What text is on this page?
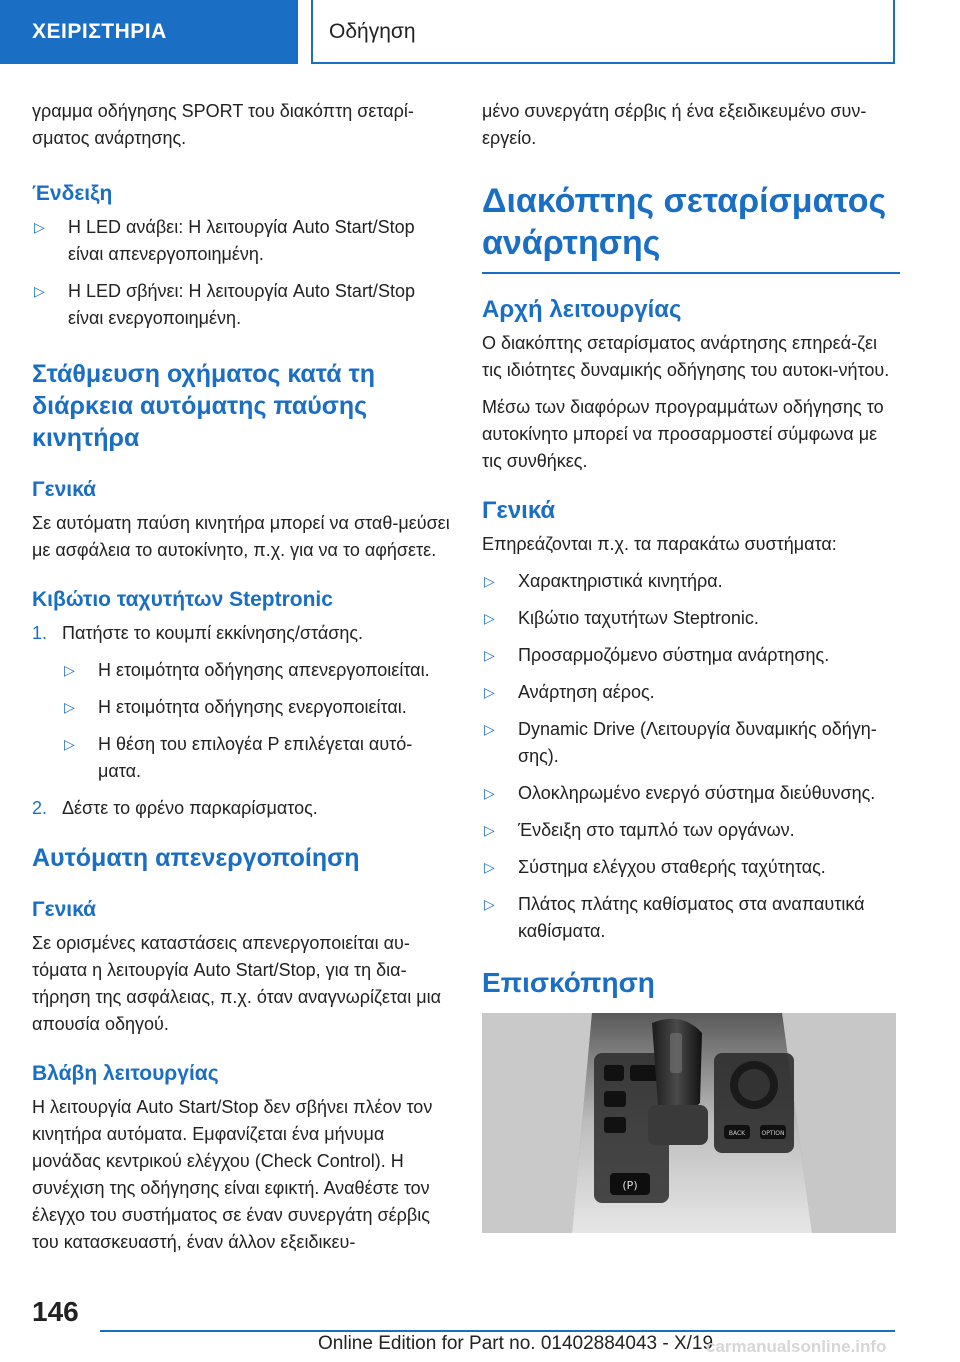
ΧΕΙΡΙΣΤΗΡΙΑ	Οδήγηση

γραμμα οδήγησης SPORT του διακόπτη σεταρί-σματος ανάρτησης.

Ένδειξη
▷ Η LED ανάβει: Η λειτουργία Auto Start/Stop είναι απενεργοποιημένη.
▷ Η LED σβήνει: Η λειτουργία Auto Start/Stop είναι ενεργοποιημένη.
Στάθμευση οχήματος κατά τη διάρκεια αυτόματης παύσης κινητήρα
Γενικά

Σε αυτόματη παύση κινητήρα μπορεί να σταθ-μεύσει με ασφάλεια το αυτοκίνητο, π.χ. για να το αφήσετε.

Κιβώτιο ταχυτήτων Steptronic
1. Πατήστε το κουμπί εκκίνησης/στάσης.
▷ Η ετοιμότητα οδήγησης απενεργοποιείται.
▷ Η ετοιμότητα οδήγησης ενεργοποιείται.
▷ Η θέση του επιλογέα P επιλέγεται αυτό-ματα.
2. Δέστε το φρένο παρκαρίσματος.
Αυτόματη απενεργοποίηση
Γενικά

Σε ορισμένες καταστάσεις απενεργοποιείται αυ-τόματα η λειτουργία Auto Start/Stop, για τη δια-τήρηση της ασφάλειας, π.χ. όταν αναγνωρίζεται μια απουσία οδηγού.

Βλάβη λειτουργίας

Η λειτουργία Auto Start/Stop δεν σβήνει πλέον τον κινητήρα αυτόματα. Εμφανίζεται ένα μήνυμα μονάδας κεντρικού ελέγχου (Check Control). Η συνέχιση της οδήγησης είναι εφικτή. Αναθέστε τον έλεγχο του συστήματος σε έναν συνεργάτη σέρβις του κατασκευαστή, έναν άλλον εξειδικευ-

μένο συνεργάτη σέρβις ή ένα εξειδικευμένο συν-εργείο.

Διακόπτης σεταρίσματος ανάρτησης
Αρχή λειτουργίας

Ο διακόπτης σεταρίσματος ανάρτησης επηρεά-ζει τις ιδιότητες δυναμικής οδήγησης του αυτοκι-νήτου.

Μέσω των διαφόρων προγραμμάτων οδήγησης το αυτοκίνητο μπορεί να προσαρμοστεί σύμφωνα με τις συνθήκες.

Γενικά

Επηρεάζονται π.χ. τα παρακάτω συστήματα:

▷ Χαρακτηριστικά κινητήρα.
▷ Κιβώτιο ταχυτήτων Steptronic.
▷ Προσαρμοζόμενο σύστημα ανάρτησης.
▷ Ανάρτηση αέρος.
▷ Dynamic Drive (Λειτουργία δυναμικής οδήγη-σης).
▷ Ολοκληρωμένο ενεργό σύστημα διεύθυνσης.
▷ Ένδειξη στο ταμπλό των οργάνων.
▷ Σύστημα ελέγχου σταθερής ταχύτητας.
▷ Πλάτος πλάτης καθίσματος στα αναπαυτικά καθίσματα.
Επισκόπηση
(P)
BACK	OPTION
146
Online Edition for Part no. 01402884043 - X/19
carmanualsonline.info
